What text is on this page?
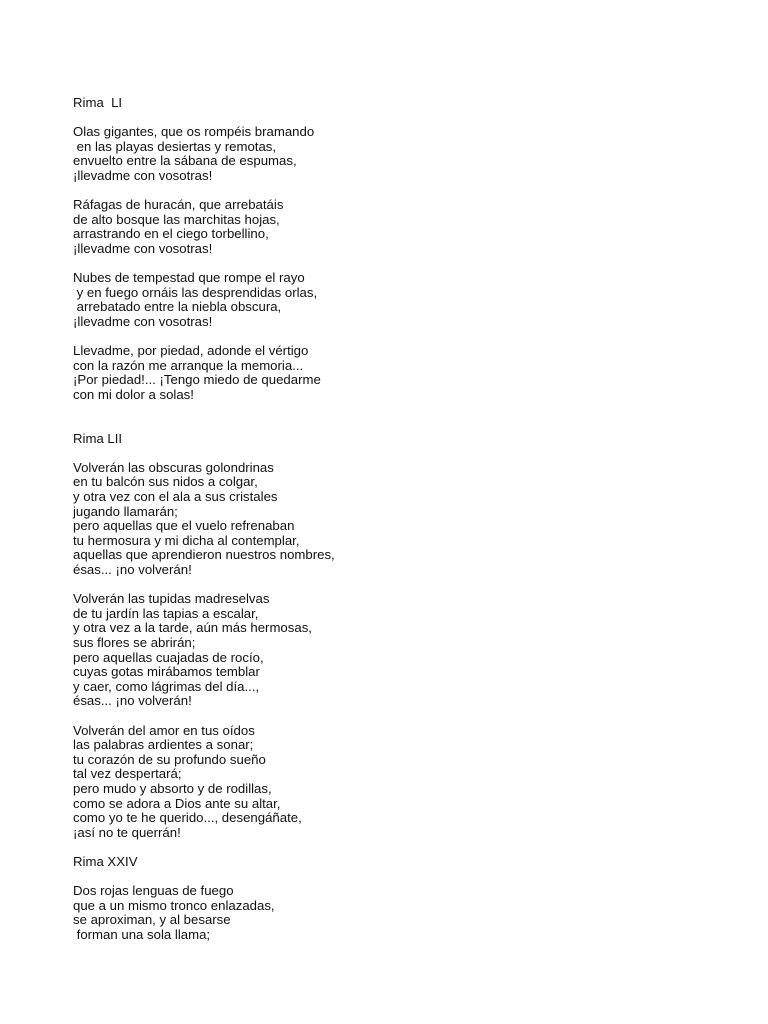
Rima  LI
Olas gigantes, que os rompéis bramando
en las playas desiertas y remotas,
envuelto entre la sábana de espumas,
¡llevadme con vosotras!
Ráfagas de huracán, que arrebatáis
de alto bosque las marchitas hojas,
arrastrando en el ciego torbellino,
¡llevadme con vosotras!
Nubes de tempestad que rompe el rayo
y en fuego ornáis las desprendidas orlas,
arrebatado entre la niebla obscura,
¡llevadme con vosotras!
Llevadme, por piedad, adonde el vértigo
con la razón me arranque la memoria...
¡Por piedad!... ¡Tengo miedo de quedarme
con mi dolor a solas!
Rima LII
Volverán las obscuras golondrinas
en tu balcón sus nidos a colgar,
y otra vez con el ala a sus cristales
jugando llamarán;
pero aquellas que el vuelo refrenaban
tu hermosura y mi dicha al contemplar,
aquellas que aprendieron nuestros nombres,
ésas... ¡no volverán!
Volverán las tupidas madreselvas
de tu jardín las tapias a escalar,
y otra vez a la tarde, aún más hermosas,
sus flores se abrirán;
pero aquellas cuajadas de rocío,
cuyas gotas mirábamos temblar
y caer, como lágrimas del día...,
ésas... ¡no volverán!
Volverán del amor en tus oídos
las palabras ardientes a sonar;
tu corazón de su profundo sueño
tal vez despertará;
pero mudo y absorto y de rodillas,
como se adora a Dios ante su altar,
como yo te he querido..., desengáñate,
¡así no te querrán!
Rima XXIV
Dos rojas lenguas de fuego
que a un mismo tronco enlazadas,
se aproximan, y al besarse
forman una sola llama;
